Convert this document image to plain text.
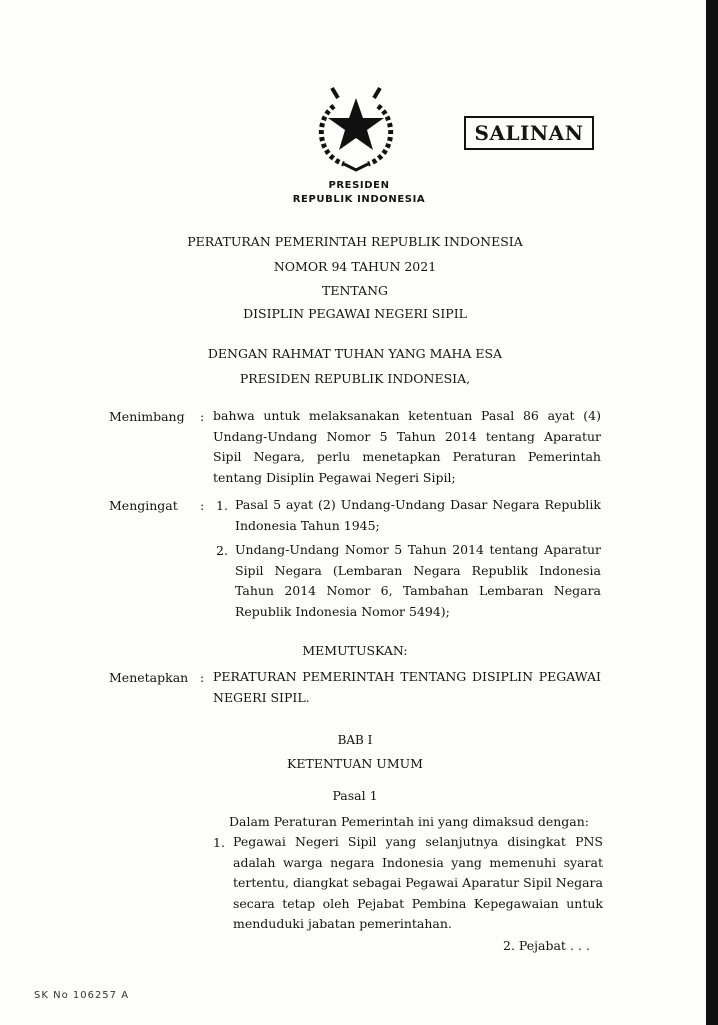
SALINAN
PRESIDEN
REPUBLIK INDONESIA
PERATURAN PEMERINTAH REPUBLIK INDONESIA
NOMOR 94 TAHUN 2021
TENTANG
DISIPLIN PEGAWAI NEGERI SIPIL
DENGAN RAHMAT TUHAN YANG MAHA ESA
PRESIDEN REPUBLIK INDONESIA,
Menimbang : bahwa untuk melaksanakan ketentuan Pasal 86 ayat (4) Undang-Undang Nomor 5 Tahun 2014 tentang Aparatur Sipil Negara, perlu menetapkan Peraturan Pemerintah tentang Disiplin Pegawai Negeri Sipil;
Mengingat : 1. Pasal 5 ayat (2) Undang-Undang Dasar Negara Republik Indonesia Tahun 1945;
2. Undang-Undang Nomor 5 Tahun 2014 tentang Aparatur Sipil Negara (Lembaran Negara Republik Indonesia Tahun 2014 Nomor 6, Tambahan Lembaran Negara Republik Indonesia Nomor 5494);
MEMUTUSKAN:
Menetapkan : PERATURAN PEMERINTAH TENTANG DISIPLIN PEGAWAI NEGERI SIPIL.
BAB I
KETENTUAN UMUM
Pasal 1
Dalam Peraturan Pemerintah ini yang dimaksud dengan:
1. Pegawai Negeri Sipil yang selanjutnya disingkat PNS adalah warga negara Indonesia yang memenuhi syarat tertentu, diangkat sebagai Pegawai Aparatur Sipil Negara secara tetap oleh Pejabat Pembina Kepegawaian untuk menduduki jabatan pemerintahan.
2. Pejabat . . .
SK No 106257 A
